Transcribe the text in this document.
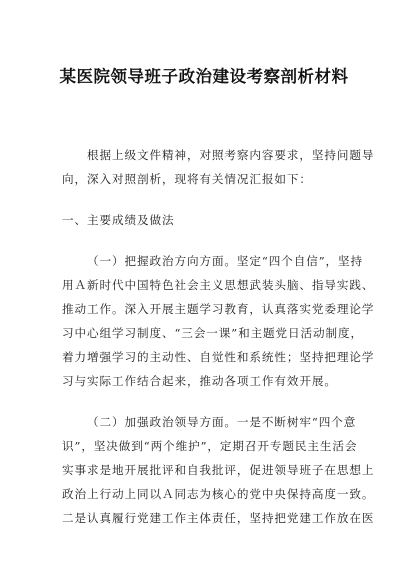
某医院领导班子政治建设考察剖析材料
根据上级文件精神，对照考察内容要求，坚持问题导
向，深入对照剖析，现将有关情况汇报如下：
一、主要成绩及做法
（一）把握政治方向方面。坚定“四个自信”，坚持
用Ａ新时代中国特色社会主义思想武装头脑、指导实践、
推动工作。深入开展主题学习教育，认真落实党委理论学
习中心组学习制度、“三会一课”和主题党日活动制度，
着力增强学习的主动性、自觉性和系统性；坚持把理论学
习与实际工作结合起来，推动各项工作有效开展。
（二）加强政治领导方面。一是不断树牢“四个意
识”，坚决做到“两个维护”，定期召开专题民主生活会
实事求是地开展批评和自我批评，促进领导班子在思想上
政治上行动上同以Ａ同志为核心的党中央保持高度一致。
二是认真履行党建工作主体责任，坚持把党建工作放在医
